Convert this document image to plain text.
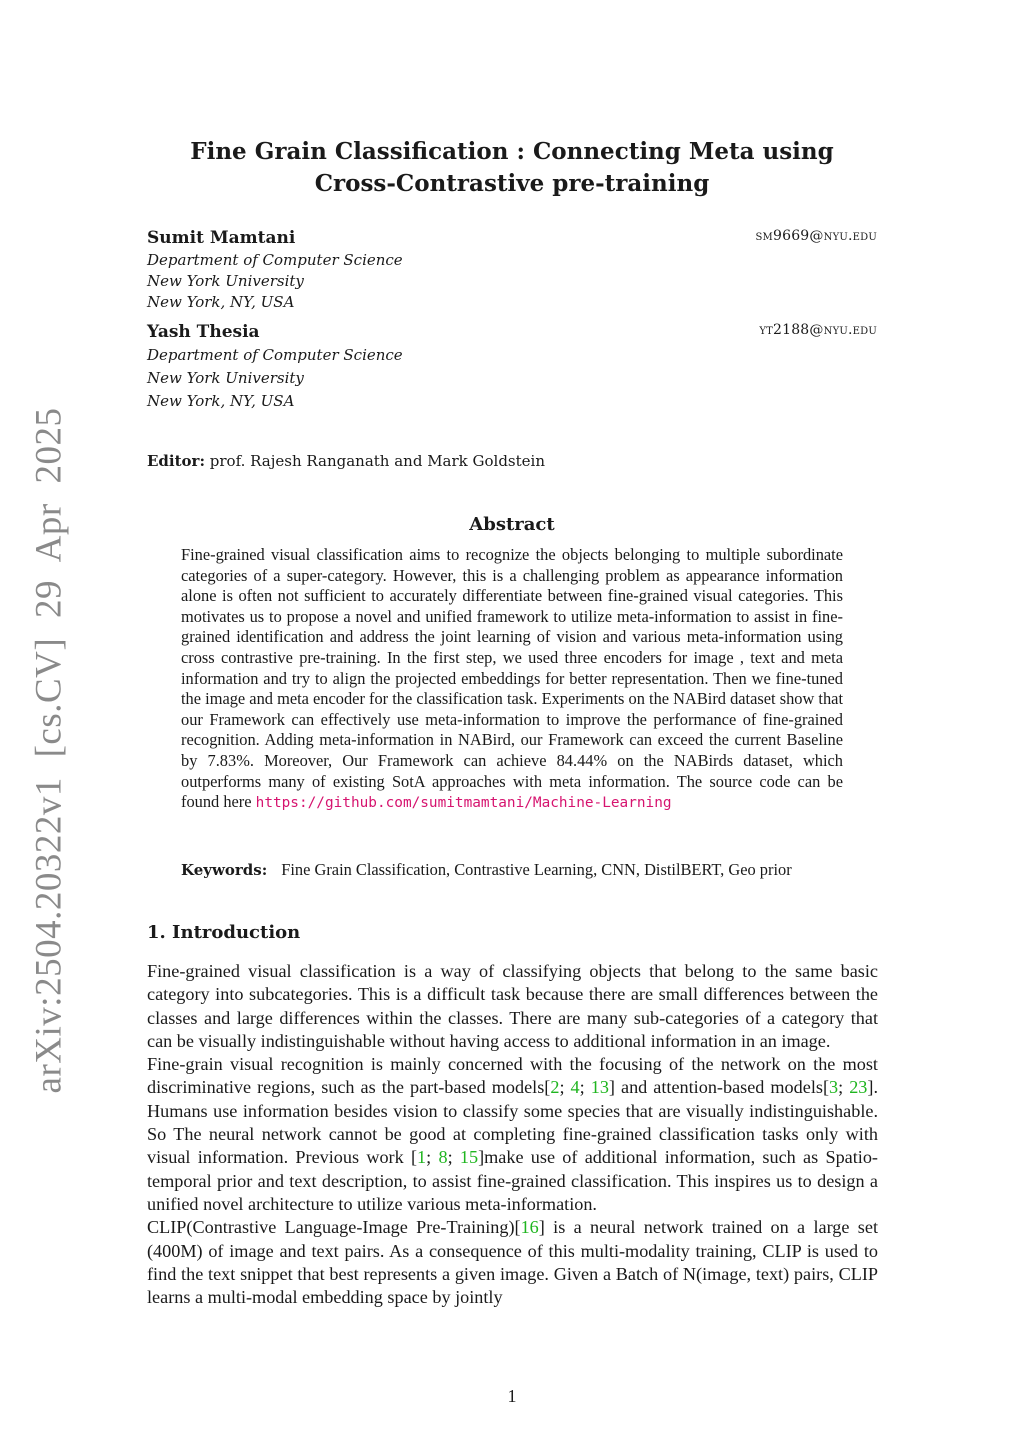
arXiv:2504.20322v1 [cs.CV] 29 Apr 2025
Fine Grain Classification : Connecting Meta using
Cross-Contrastive pre-training
Sumit Mamtani	sm9669@nyu.edu
Department of Computer Science
New York University
New York, NY, USA
Yash Thesia	yt2188@nyu.edu
Department of Computer Science
New York University
New York, NY, USA
Editor: prof. Rajesh Ranganath and Mark Goldstein
Abstract
Fine-grained visual classification aims to recognize the objects belonging to multiple subordinate categories of a super-category. However, this is a challenging problem as appearance information alone is often not sufficient to accurately differentiate between fine-grained visual categories. This motivates us to propose a novel and unified framework to utilize meta-information to assist in fine-grained identification and address the joint learning of vision and various meta-information using cross contrastive pre-training. In the first step, we used three encoders for image , text and meta information and try to align the projected embeddings for better representation. Then we fine-tuned the image and meta encoder for the classification task. Experiments on the NABird dataset show that our Framework can effectively use meta-information to improve the performance of fine-grained recognition. Adding meta-information in NABird, our Framework can exceed the current Baseline by 7.83%. Moreover, Our Framework can achieve 84.44% on the NABirds dataset, which outperforms many of existing SotA approaches with meta information. The source code can be found here https://github.com/sumitmamtani/Machine-Learning
Keywords: Fine Grain Classification, Contrastive Learning, CNN, DistilBERT, Geo prior
1. Introduction

Fine-grained visual classification is a way of classifying objects that belong to the same basic category into subcategories. This is a difficult task because there are small differences between the classes and large differences within the classes. There are many sub-categories of a category that can be visually indistinguishable without having access to additional information in an image.

Fine-grain visual recognition is mainly concerned with the focusing of the network on the most discriminative regions, such as the part-based models[2; 4; 13] and attention-based models[3; 23]. Humans use information besides vision to classify some species that are visually indistinguishable. So The neural network cannot be good at completing fine-grained classification tasks only with visual information. Previous work [1; 8; 15]make use of additional information, such as Spatio-temporal prior and text description, to assist fine-grained classification. This inspires us to design a unified novel architecture to utilize various meta-information.

CLIP(Contrastive Language-Image Pre-Training)[16] is a neural network trained on a large set (400M) of image and text pairs. As a consequence of this multi-modality training, CLIP is used to find the text snippet that best represents a given image. Given a Batch of N(image, text) pairs, CLIP learns a multi-modal embedding space by jointly

1
